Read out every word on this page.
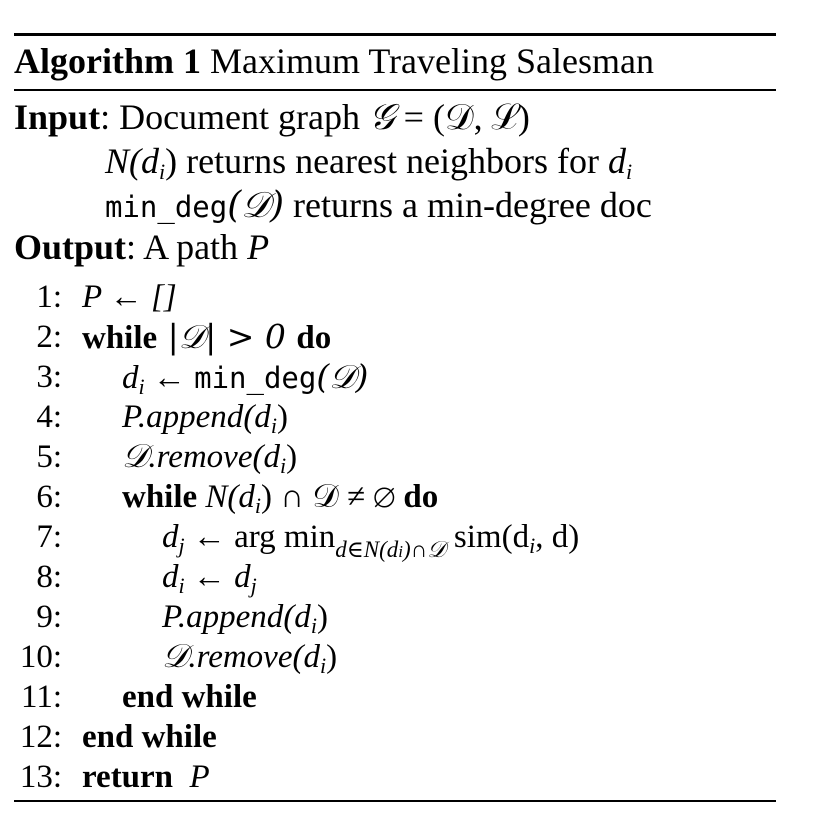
Algorithm 1 Maximum Traveling Salesman
Input: Document graph 𝒢 = (𝒟, ℒ)
$N(d_i)$ returns nearest neighbors for $d_i$
min_deg(𝒟) returns a min-degree doc
Output: A path P
1: P ← []
2: while |𝒟| > 0 do
3: $d_i$ ← min_deg(𝒟)
4: $P.append(d_i)$
5: $𝒟.remove(d_i)$
6: while $N(d_i)$ ∩ 𝒟 ≠ ∅ do
7:	$d_j$ ← arg $\min_{d\in N(di)\cap 𝒟} sim(d_i$, d)
8:	$d_i$ ← $d_j$
9:	$P.append(d_i)$
10:	$𝒟.remove(d_i)$
11: end while
12: end while
13: return P
